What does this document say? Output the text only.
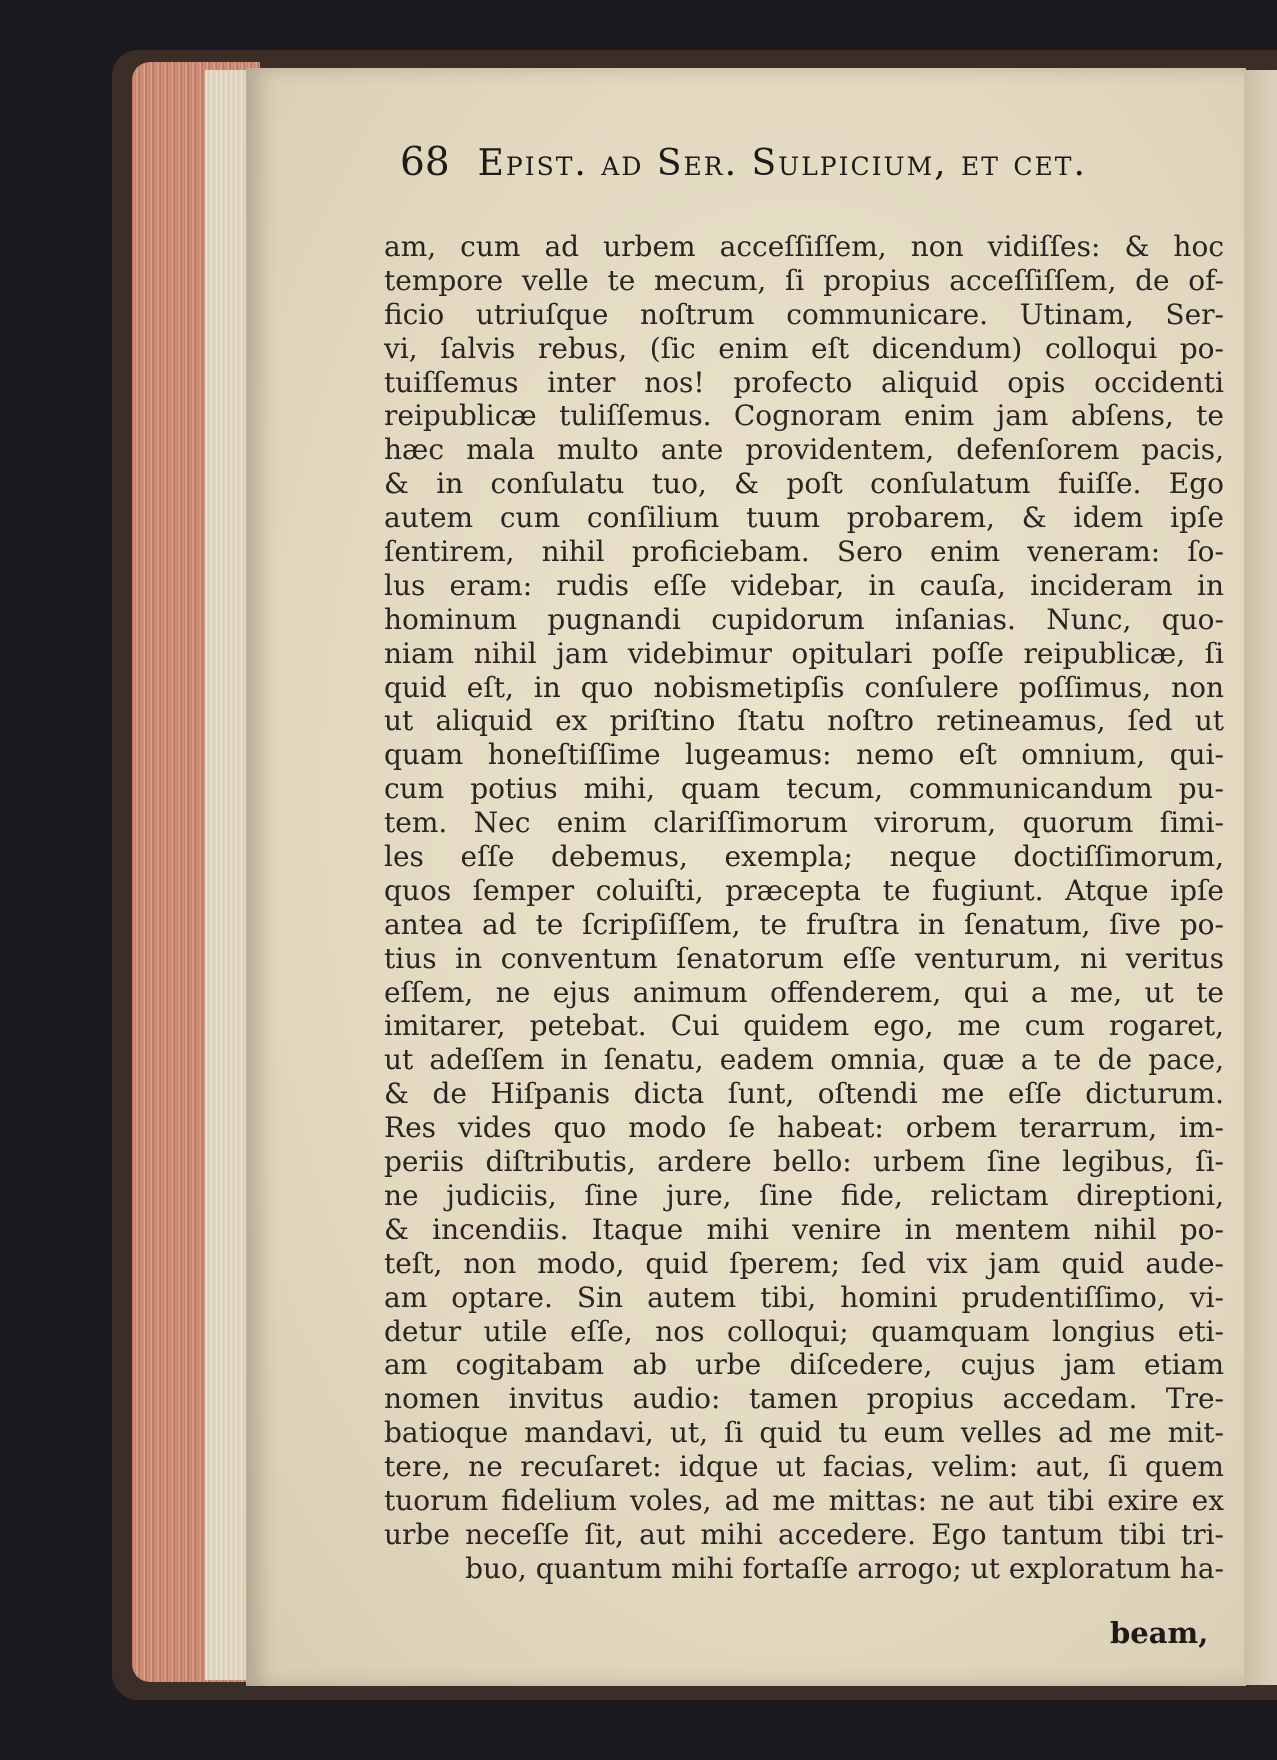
68 Epist. ad Ser. Sulpicium, et cet.
am, cum ad urbem acceſſiſſem, non vidiſſes: & hoc
tempore velle te mecum, ſi propius acceſſiſſem, de of-
ficio utriuſque noſtrum communicare. Utinam, Ser-
vi, ſalvis rebus, (ſic enim eſt dicendum) colloqui po-
tuiſſemus inter nos! profecto aliquid opis occidenti
reipublicæ tuliſſemus. Cognoram enim jam abſens, te
hæc mala multo ante providentem, defenſorem pacis,
& in conſulatu tuo, & poſt conſulatum fuiſſe. Ego
autem cum conſilium tuum probarem, & idem ipſe
ſentirem, nihil proficiebam. Sero enim veneram: ſo-
lus eram: rudis eſſe videbar, in cauſa, incideram in
hominum pugnandi cupidorum inſanias. Nunc, quo-
niam nihil jam videbimur opitulari poſſe reipublicæ, ſi
quid eſt, in quo nobismetipſis conſulere poſſimus, non
ut aliquid ex priſtino ſtatu noſtro retineamus, ſed ut
quam honeſtiſſime lugeamus: nemo eſt omnium, qui-
cum potius mihi, quam tecum, communicandum pu-
tem. Nec enim clariſſimorum virorum, quorum ſimi-
les eſſe debemus, exempla; neque doctiſſimorum,
quos ſemper coluiſti, præcepta te fugiunt. Atque ipſe
antea ad te ſcripſiſſem, te fruſtra in ſenatum, ſive po-
tius in conventum ſenatorum eſſe venturum, ni veritus
eſſem, ne ejus animum offenderem, qui a me, ut te
imitarer, petebat. Cui quidem ego, me cum rogaret,
ut adeſſem in ſenatu, eadem omnia, quæ a te de pace,
& de Hiſpanis dicta ſunt, oſtendi me eſſe dicturum.
Res vides quo modo ſe habeat: orbem terarrum, im-
periis diſtributis, ardere bello: urbem ſine legibus, ſi-
ne judiciis, ſine jure, ſine fide, relictam direptioni,
& incendiis. Itaque mihi venire in mentem nihil po-
teſt, non modo, quid ſperem; ſed vix jam quid aude-
am optare. Sin autem tibi, homini prudentiſſimo, vi-
detur utile eſſe, nos colloqui; quamquam longius eti-
am cogitabam ab urbe diſcedere, cujus jam etiam
nomen invitus audio: tamen propius accedam. Tre-
batioque mandavi, ut, ſi quid tu eum velles ad me mit-
tere, ne recuſaret: idque ut facias, velim: aut, ſi quem
tuorum fidelium voles, ad me mittas: ne aut tibi exire ex
urbe neceſſe ſit, aut mihi accedere. Ego tantum tibi tri-
buo, quantum mihi fortaſſe arrogo; ut exploratum ha-
beam,
